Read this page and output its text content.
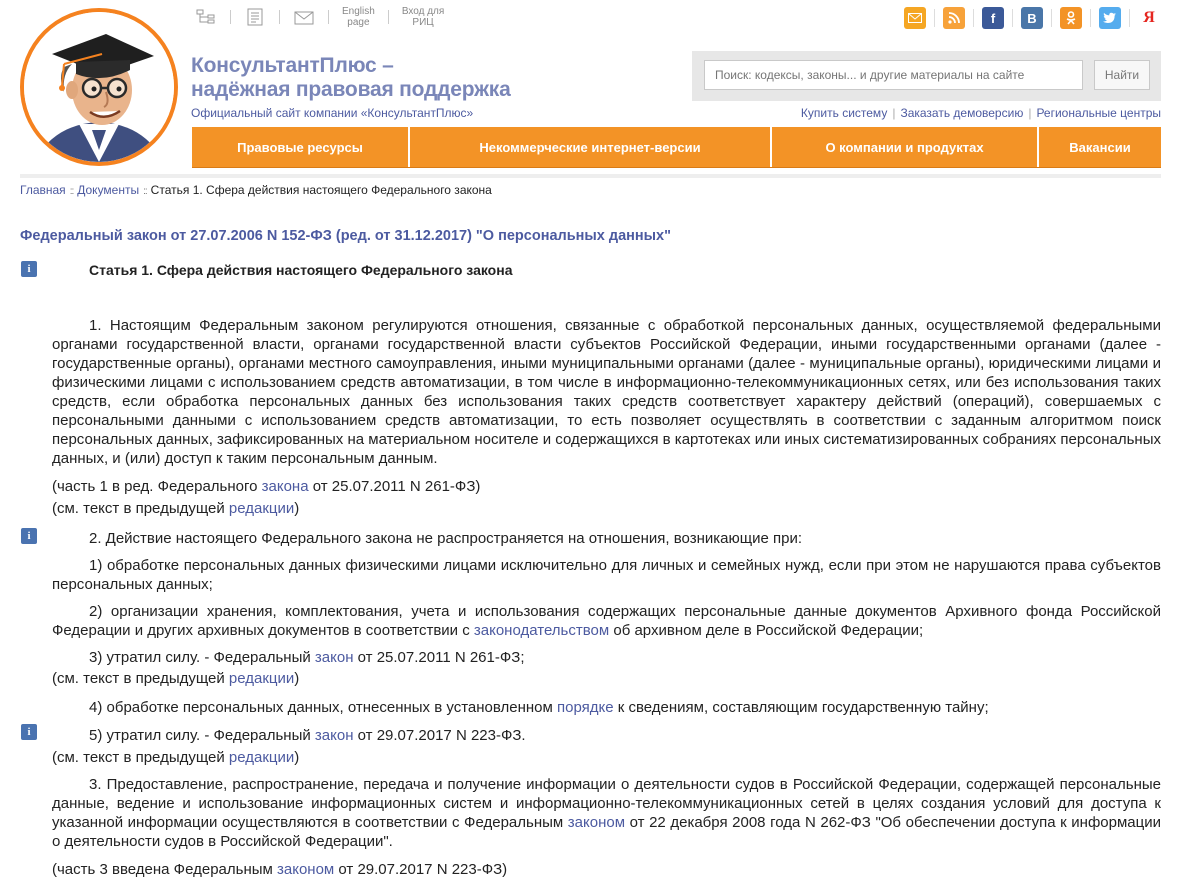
English
page
Вход для
РИЦ
КонсультантПлюс –
надёжная правовая поддержка
Официальный сайт компании «КонсультантПлюс»
f	В	Я
Поиск: кодексы, законы... и другие материалы на сайте
Найти
Купить систему | Заказать демоверсию | Региональные центры
Правовые ресурсы	Некоммерческие интернет-версии	О компании и продуктах	Вакансии
Главная :: Документы :: Статья 1. Сфера действия настоящего Федерального закона
Федеральный закон от 27.07.2006 N 152-ФЗ (ред. от 31.12.2017) "О персональных данных"
i	Статья 1. Сфера действия настоящего Федерального закона
1. Настоящим Федеральным законом регулируются отношения, связанные с обработкой персональных данных, осуществляемой федеральными органами государственной власти, органами государственной власти субъектов Российской Федерации, иными государственными органами (далее - государственные органы), органами местного самоуправления, иными муниципальными органами (далее - муниципальные органы), юридическими лицами и физическими лицами с использованием средств автоматизации, в том числе в информационно-телекоммуникационных сетях, или без использования таких средств, если обработка персональных данных без использования таких средств соответствует характеру действий (операций), совершаемых с персональными данными с использованием средств автоматизации, то есть позволяет осуществлять в соответствии с заданным алгоритмом поиск персональных данных, зафиксированных на материальном носителе и содержащихся в картотеках или иных систематизированных собраниях персональных данных, и (или) доступ к таким персональным данным.
(часть 1 в ред. Федерального закона от 25.07.2011 N 261-ФЗ)
(см. текст в предыдущей редакции)
i	2. Действие настоящего Федерального закона не распространяется на отношения, возникающие при:
1) обработке персональных данных физическими лицами исключительно для личных и семейных нужд, если при этом не нарушаются права субъектов персональных данных;
2) организации хранения, комплектования, учета и использования содержащих персональные данные документов Архивного фонда Российской Федерации и других архивных документов в соответствии с законодательством об архивном деле в Российской Федерации;
3) утратил силу. - Федеральный закон от 25.07.2011 N 261-ФЗ;
(см. текст в предыдущей редакции)
4) обработке персональных данных, отнесенных в установленном порядке к сведениям, составляющим государственную тайну;
i	5) утратил силу. - Федеральный закон от 29.07.2017 N 223-ФЗ.
(см. текст в предыдущей редакции)
3. Предоставление, распространение, передача и получение информации о деятельности судов в Российской Федерации, содержащей персональные данные, ведение и использование информационных систем и информационно-телекоммуникационных сетей в целях создания условий для доступа к указанной информации осуществляются в соответствии с Федеральным законом от 22 декабря 2008 года N 262-ФЗ "Об обеспечении доступа к информации о деятельности судов в Российской Федерации".
(часть 3 введена Федеральным законом от 29.07.2017 N 223-ФЗ)
